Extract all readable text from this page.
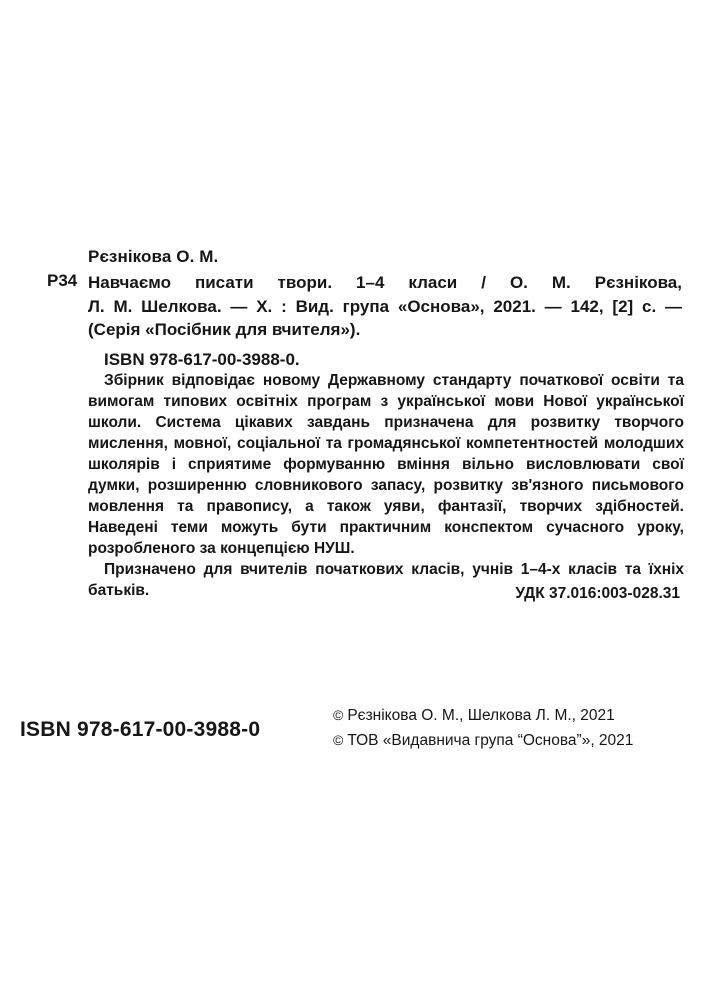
Рєзнікова О. М.
Р34 Навчаємо писати твори. 1–4 класи / О. М. Рєзнікова,
Л. М. Шелкова. — Х. : Вид. група «Основа», 2021. — 142, [2] с. —
(Серія «Посібник для вчителя»).
ISBN 978-617-00-3988-0.

Збірник відповідає новому Державному стандарту початкової освіти та вимогам типових освітніх програм з української мови Нової української школи. Система цікавих завдань призначена для розвитку творчого мислення, мовної, соціальної та громадянської компетентностей молодших школярів і сприятиме формуванню вміння вільно висловлювати свої думки, розширенню словникового запасу, розвитку зв'язного письмового мовлення та правопису, а також уяви, фантазії, творчих здібностей. Наведені теми можуть бути практичним конспектом сучасного уроку, розробленого за концепцією НУШ.

Призначено для вчителів початкових класів, учнів 1–4-х класів та їхніх батьків.	УДК 37.016:003-028.31
ISBN 978-617-00-3988-0
© Рєзнікова О. М., Шелкова Л. М., 2021
© ТОВ «Видавнича група “Основа”», 2021
